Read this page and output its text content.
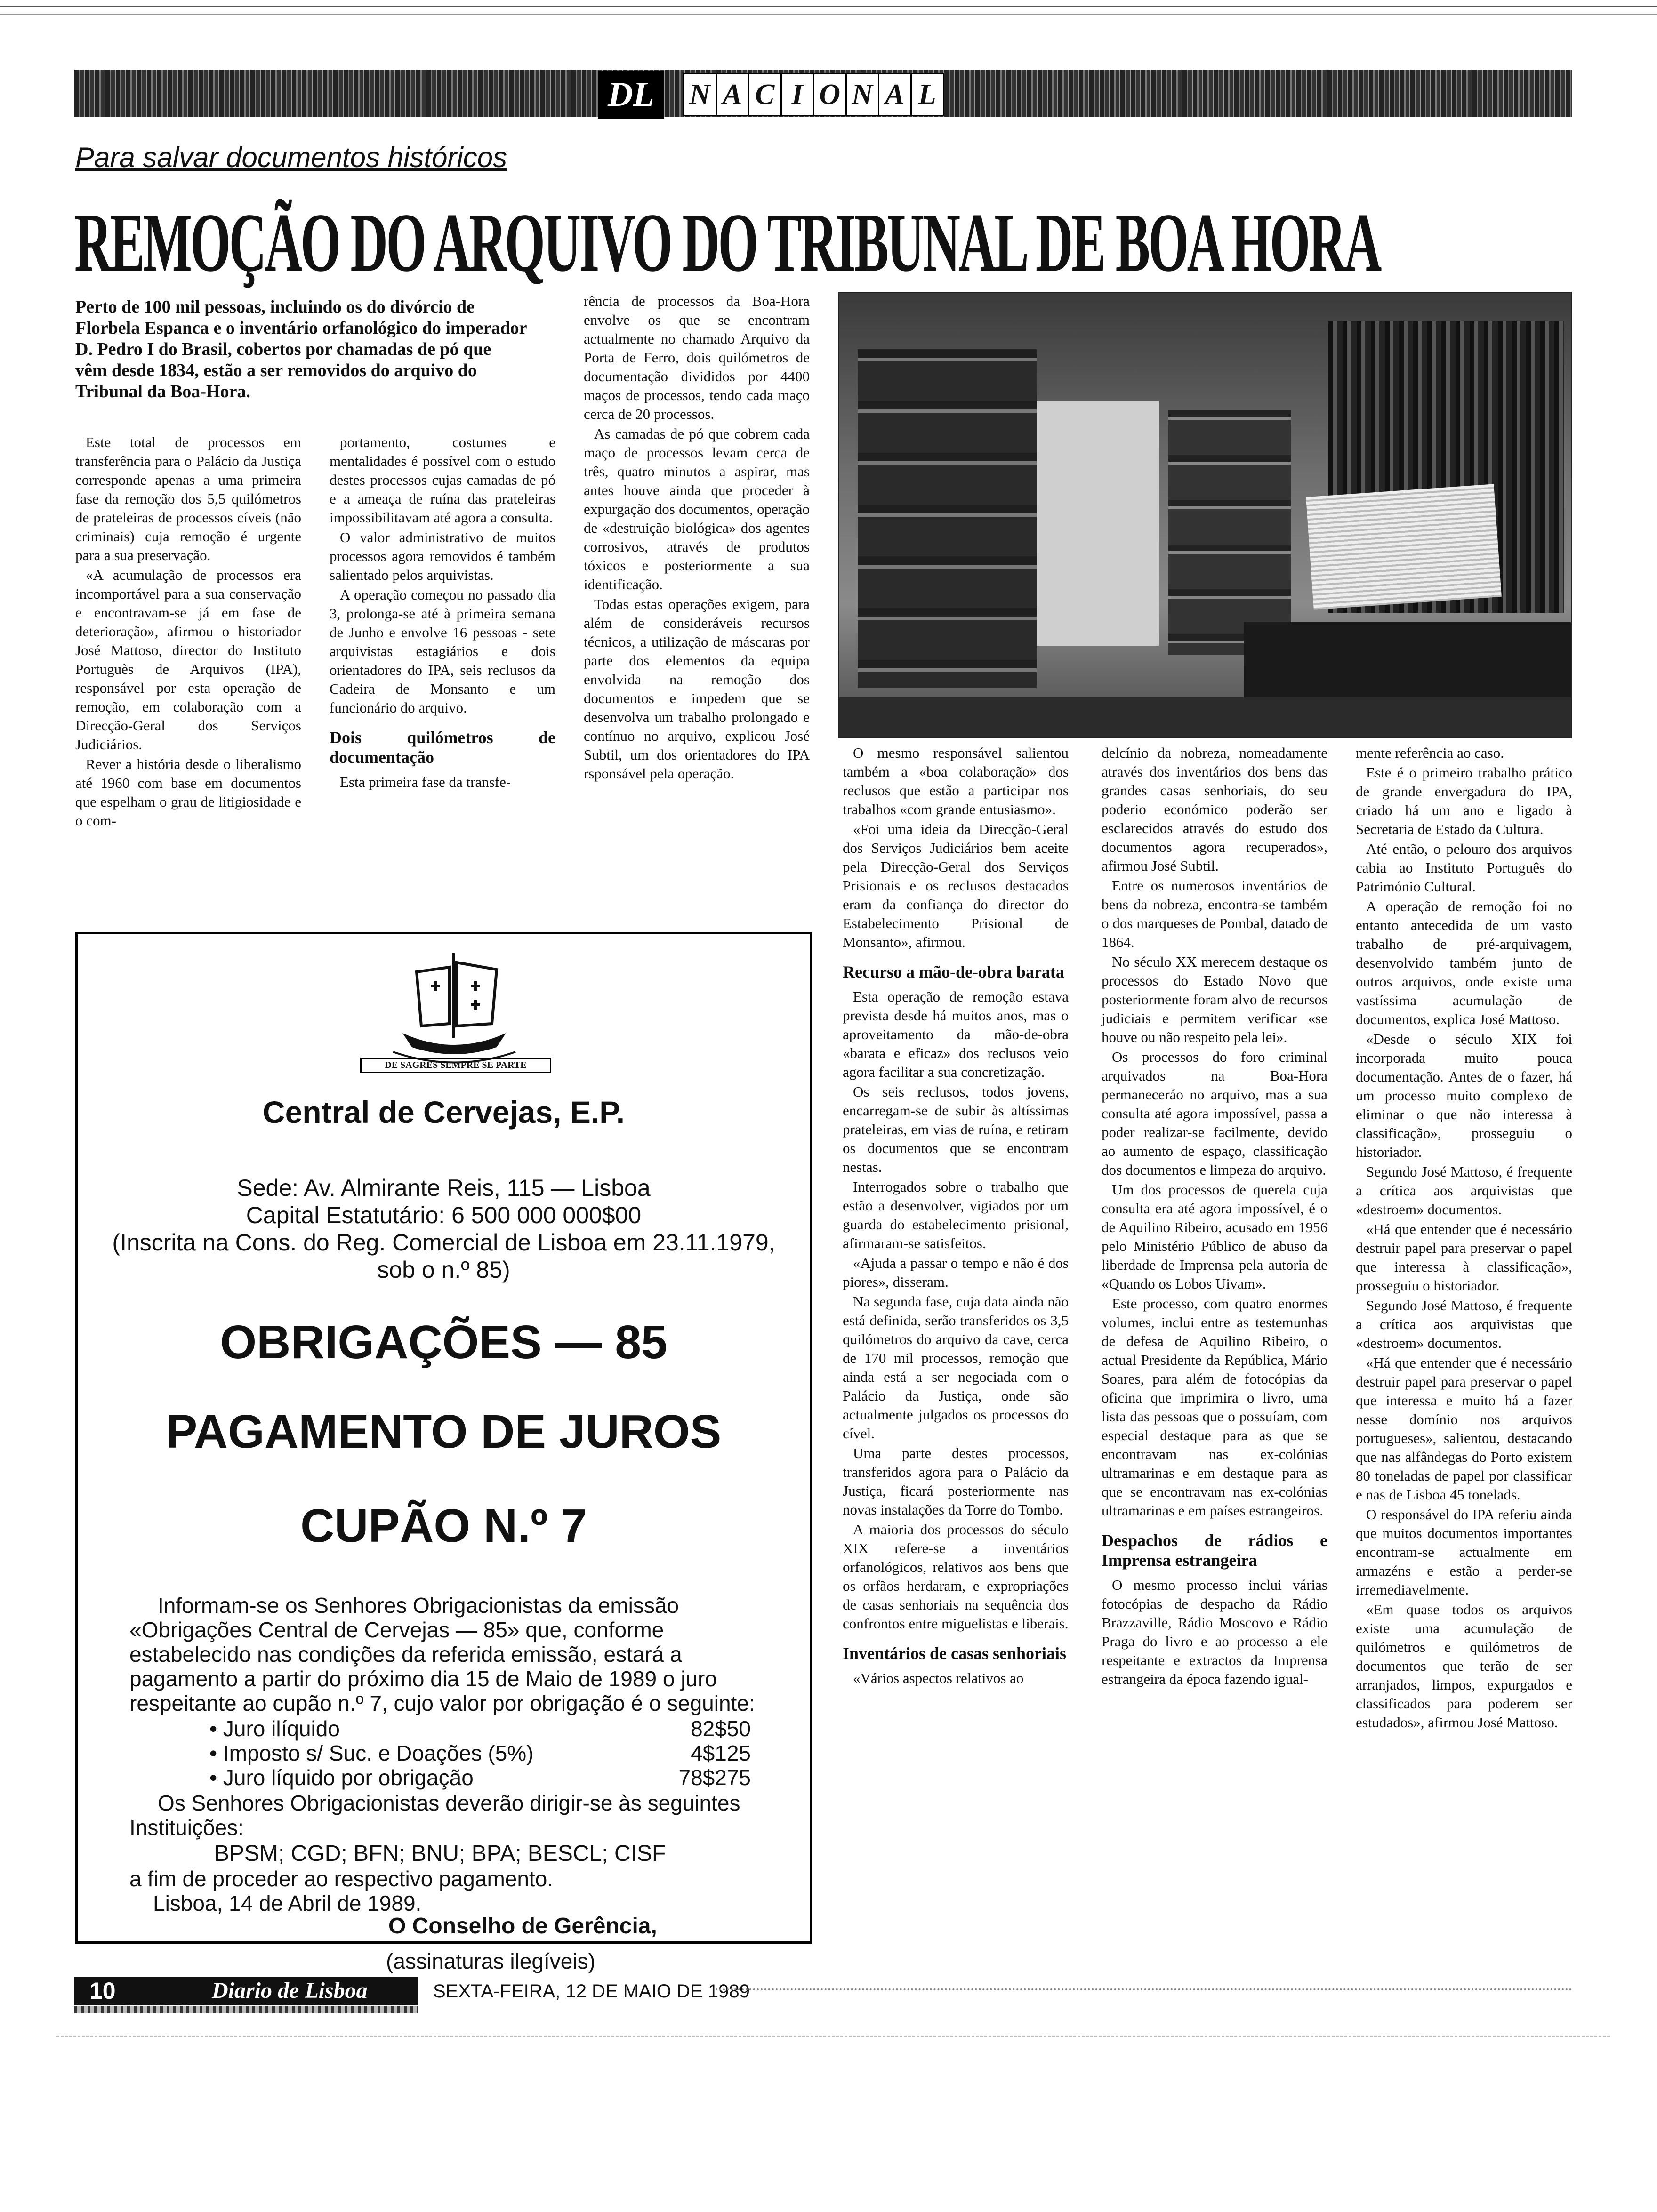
DL	N A C I O N A L
Para salvar documentos históricos
REMOÇÃO DO ARQUIVO DO TRIBUNAL DE BOA HORA
Perto de 100 mil pessoas, incluindo os do divórcio de Florbela Espanca e o inventário orfanológico do imperador D. Pedro I do Brasil, cobertos por chamadas de pó que vêm desde 1834, estão a ser removidos do arquivo do Tribunal da Boa-Hora.

Este total de processos em transferência para o Palácio da Justiça corresponde apenas a uma primeira fase da remoção dos 5,5 quilómetros de prateleiras de processos cíveis (não criminais) cuja remoção é urgente para a sua preservação.

«A acumulação de processos era incomportável para a sua conservação e encontravam-se já em fase de deterioração», afirmou o historiador José Mattoso, director do Instituto Portuguès de Arquivos (IPA), responsável por esta operação de remoção, em colaboração com a Direcção-Geral dos Serviços Judiciários.

Rever a história desde o liberalismo até 1960 com base em documentos que espelham o grau de litigiosidade e o com-

portamento, costumes e mentalidades é possível com o estudo destes processos cujas camadas de pó e a ameaça de ruína das prateleiras impossibilitavam até agora a consulta.

O valor administrativo de muitos processos agora removidos é também salientado pelos arquivistas.

A operação começou no passado dia 3, prolonga-se até à primeira semana de Junho e envolve 16 pessoas - sete arquivistas estagiários e dois orientadores do IPA, seis reclusos da Cadeira de Monsanto e um funcionário do arquivo.

Dois quilómetros de documentação

Esta primeira fase da transfe-

rência de processos da Boa-Hora envolve os que se encontram actualmente no chamado Arquivo da Porta de Ferro, dois quilómetros de documentação divididos por 4400 maços de processos, tendo cada maço cerca de 20 processos.

As camadas de pó que cobrem cada maço de processos levam cerca de três, quatro minutos a aspirar, mas antes houve ainda que proceder à expurgação dos documentos, operação de «destruição biológica» dos agentes corrosivos, através de produtos tóxicos e posteriormente a sua identificação.

Todas estas operações exigem, para além de consideráveis recursos técnicos, a utilização de máscaras por parte dos elementos da equipa envolvida na remoção dos documentos e impedem que se desenvolva um trabalho prolongado e contínuo no arquivo, explicou José Subtil, um dos orientadores do IPA rsponsável pela operação.

O mesmo responsável salientou também a «boa colaboração» dos reclusos que estão a participar nos trabalhos «com grande entusiasmo».

«Foi uma ideia da Direcção-Geral dos Serviços Judiciários bem aceite pela Direcção-Geral dos Serviços Prisionais e os reclusos destacados eram da confiança do director do Estabelecimento Prisional de Monsanto», afirmou.

Recurso a mão-de-obra barata

Esta operação de remoção estava prevista desde há muitos anos, mas o aproveitamento da mão-de-obra «barata e eficaz» dos reclusos veio agora facilitar a sua concretização.

Os seis reclusos, todos jovens, encarregam-se de subir às altíssimas prateleiras, em vias de ruína, e retiram os documentos que se encontram nestas.

Interrogados sobre o trabalho que estão a desenvolver, vigiados por um guarda do estabelecimento prisional, afirmaram-se satisfeitos.

«Ajuda a passar o tempo e não é dos piores», disseram.

Na segunda fase, cuja data ainda não está definida, serão transferidos os 3,5 quilómetros do arquivo da cave, cerca de 170 mil processos, remoção que ainda está a ser negociada com o Palácio da Justiça, onde são actualmente julgados os processos do cível.

Uma parte destes processos, transferidos agora para o Palácio da Justiça, ficará posteriormente nas novas instalações da Torre do Tombo.

A maioria dos processos do século XIX refere-se a inventários orfanológicos, relativos aos bens que os orfãos herdaram, e expropriações de casas senhoriais na sequência dos confrontos entre miguelistas e liberais.

Inventários de casas senhoriais

«Vários aspectos relativos ao

delcínio da nobreza, nomeadamente através dos inventários dos bens das grandes casas senhoriais, do seu poderio económico poderão ser esclarecidos através do estudo dos documentos agora recuperados», afirmou José Subtil.

Entre os numerosos inventários de bens da nobreza, encontra-se também o dos marqueses de Pombal, datado de 1864.

No século XX merecem destaque os processos do Estado Novo que posteriormente foram alvo de recursos judiciais e permitem verificar «se houve ou não respeito pela lei».

Os processos do foro criminal arquivados na Boa-Hora permaneceráo no arquivo, mas a sua consulta até agora impossível, passa a poder realizar-se facilmente, devido ao aumento de espaço, classificação dos documentos e limpeza do arquivo.

Um dos processos de querela cuja consulta era até agora impossível, é o de Aquilino Ribeiro, acusado em 1956 pelo Ministério Público de abuso da liberdade de Imprensa pela autoria de «Quando os Lobos Uivam».

Este processo, com quatro enormes volumes, inclui entre as testemunhas de defesa de Aquilino Ribeiro, o actual Presidente da República, Mário Soares, para além de fotocópias da oficina que imprimira o livro, uma lista das pessoas que o possuíam, com especial destaque para as que se encontravam nas ex-colónias ultramarinas e em destaque para as que se encontravam nas ex-colónias ultramarinas e em países estrangeiros.

Despachos de rádios e Imprensa estrangeira

O mesmo processo inclui várias fotocópias de despacho da Rádio Brazzaville, Rádio Moscovo e Rádio Praga do livro e ao processo a ele respeitante e extractos da Imprensa estrangeira da época fazendo igual-

mente referência ao caso.

Este é o primeiro trabalho prático de grande envergadura do IPA, criado há um ano e ligado à Secretaria de Estado da Cultura.

Até então, o pelouro dos arquivos cabia ao Instituto Português do Património Cultural.

A operação de remoção foi no entanto antecedida de um vasto trabalho de pré-arquivagem, desenvolvido também junto de outros arquivos, onde existe uma vastíssima acumulação de documentos, explica José Mattoso.

«Desde o século XIX foi incorporada muito pouca documentação. Antes de o fazer, há um processo muito complexo de eliminar o que não interessa à classificação», prosseguiu o historiador.

Segundo José Mattoso, é frequente a crítica aos arquivistas que «destroem» documentos.

«Há que entender que é necessário destruir papel para preservar o papel que interessa à classificação», prosseguiu o historiador.

Segundo José Mattoso, é frequente a crítica aos arquivistas que «destroem» documentos.

«Há que entender que é necessário destruir papel para preservar o papel que interessa e muito há a fazer nesse domínio nos arquivos portugueses», salientou, destacando que nas alfândegas do Porto existem 80 toneladas de papel por classificar e nas de Lisboa 45 tonelads.

O responsável do IPA referiu ainda que muitos documentos importantes encontram-se actualmente em armazéns e estão a perder-se irremediavelmente.

«Em quase todos os arquivos existe uma acumulação de quilómetros e quilómetros de documentos que terão de ser arranjados, limpos, expurgados e classificados para poderem ser estudados», afirmou José Mattoso.

DE SAGRES SEMPRE SE PARTE
Central de Cervejas, E.P.
Sede: Av. Almirante Reis, 115 — Lisboa
Capital Estatutário: 6 500 000 000$00
(Inscrita na Cons. do Reg. Comercial de Lisboa em 23.11.1979,
sob o n.º 85)
OBRIGAÇÕES — 85
PAGAMENTO DE JUROS
CUPÃO N.º 7
Informam-se os Senhores Obrigacionistas da emissão «Obrigações Central de Cervejas — 85» que, conforme estabelecido nas condições da referida emissão, estará a pagamento a partir do próximo dia 15 de Maio de 1989 o juro respeitante ao cupão n.º 7, cujo valor por obrigação é o seguinte:
• Juro ilíquido	82$50
• Imposto s/ Suc. e Doações (5%)	4$125
• Juro líquido por obrigação	78$275
Os Senhores Obrigacionistas deverão dirigir-se às seguintes Instituições:
BPSM; CGD; BFN; BNU; BPA; BESCL; CISF
a fim de proceder ao respectivo pagamento.
Lisboa, 14 de Abril de 1989.
O Conselho de Gerência,
(assinaturas ilegíveis)
10	Diario de Lisboa	SEXTA-FEIRA, 12 DE MAIO DE 1989
